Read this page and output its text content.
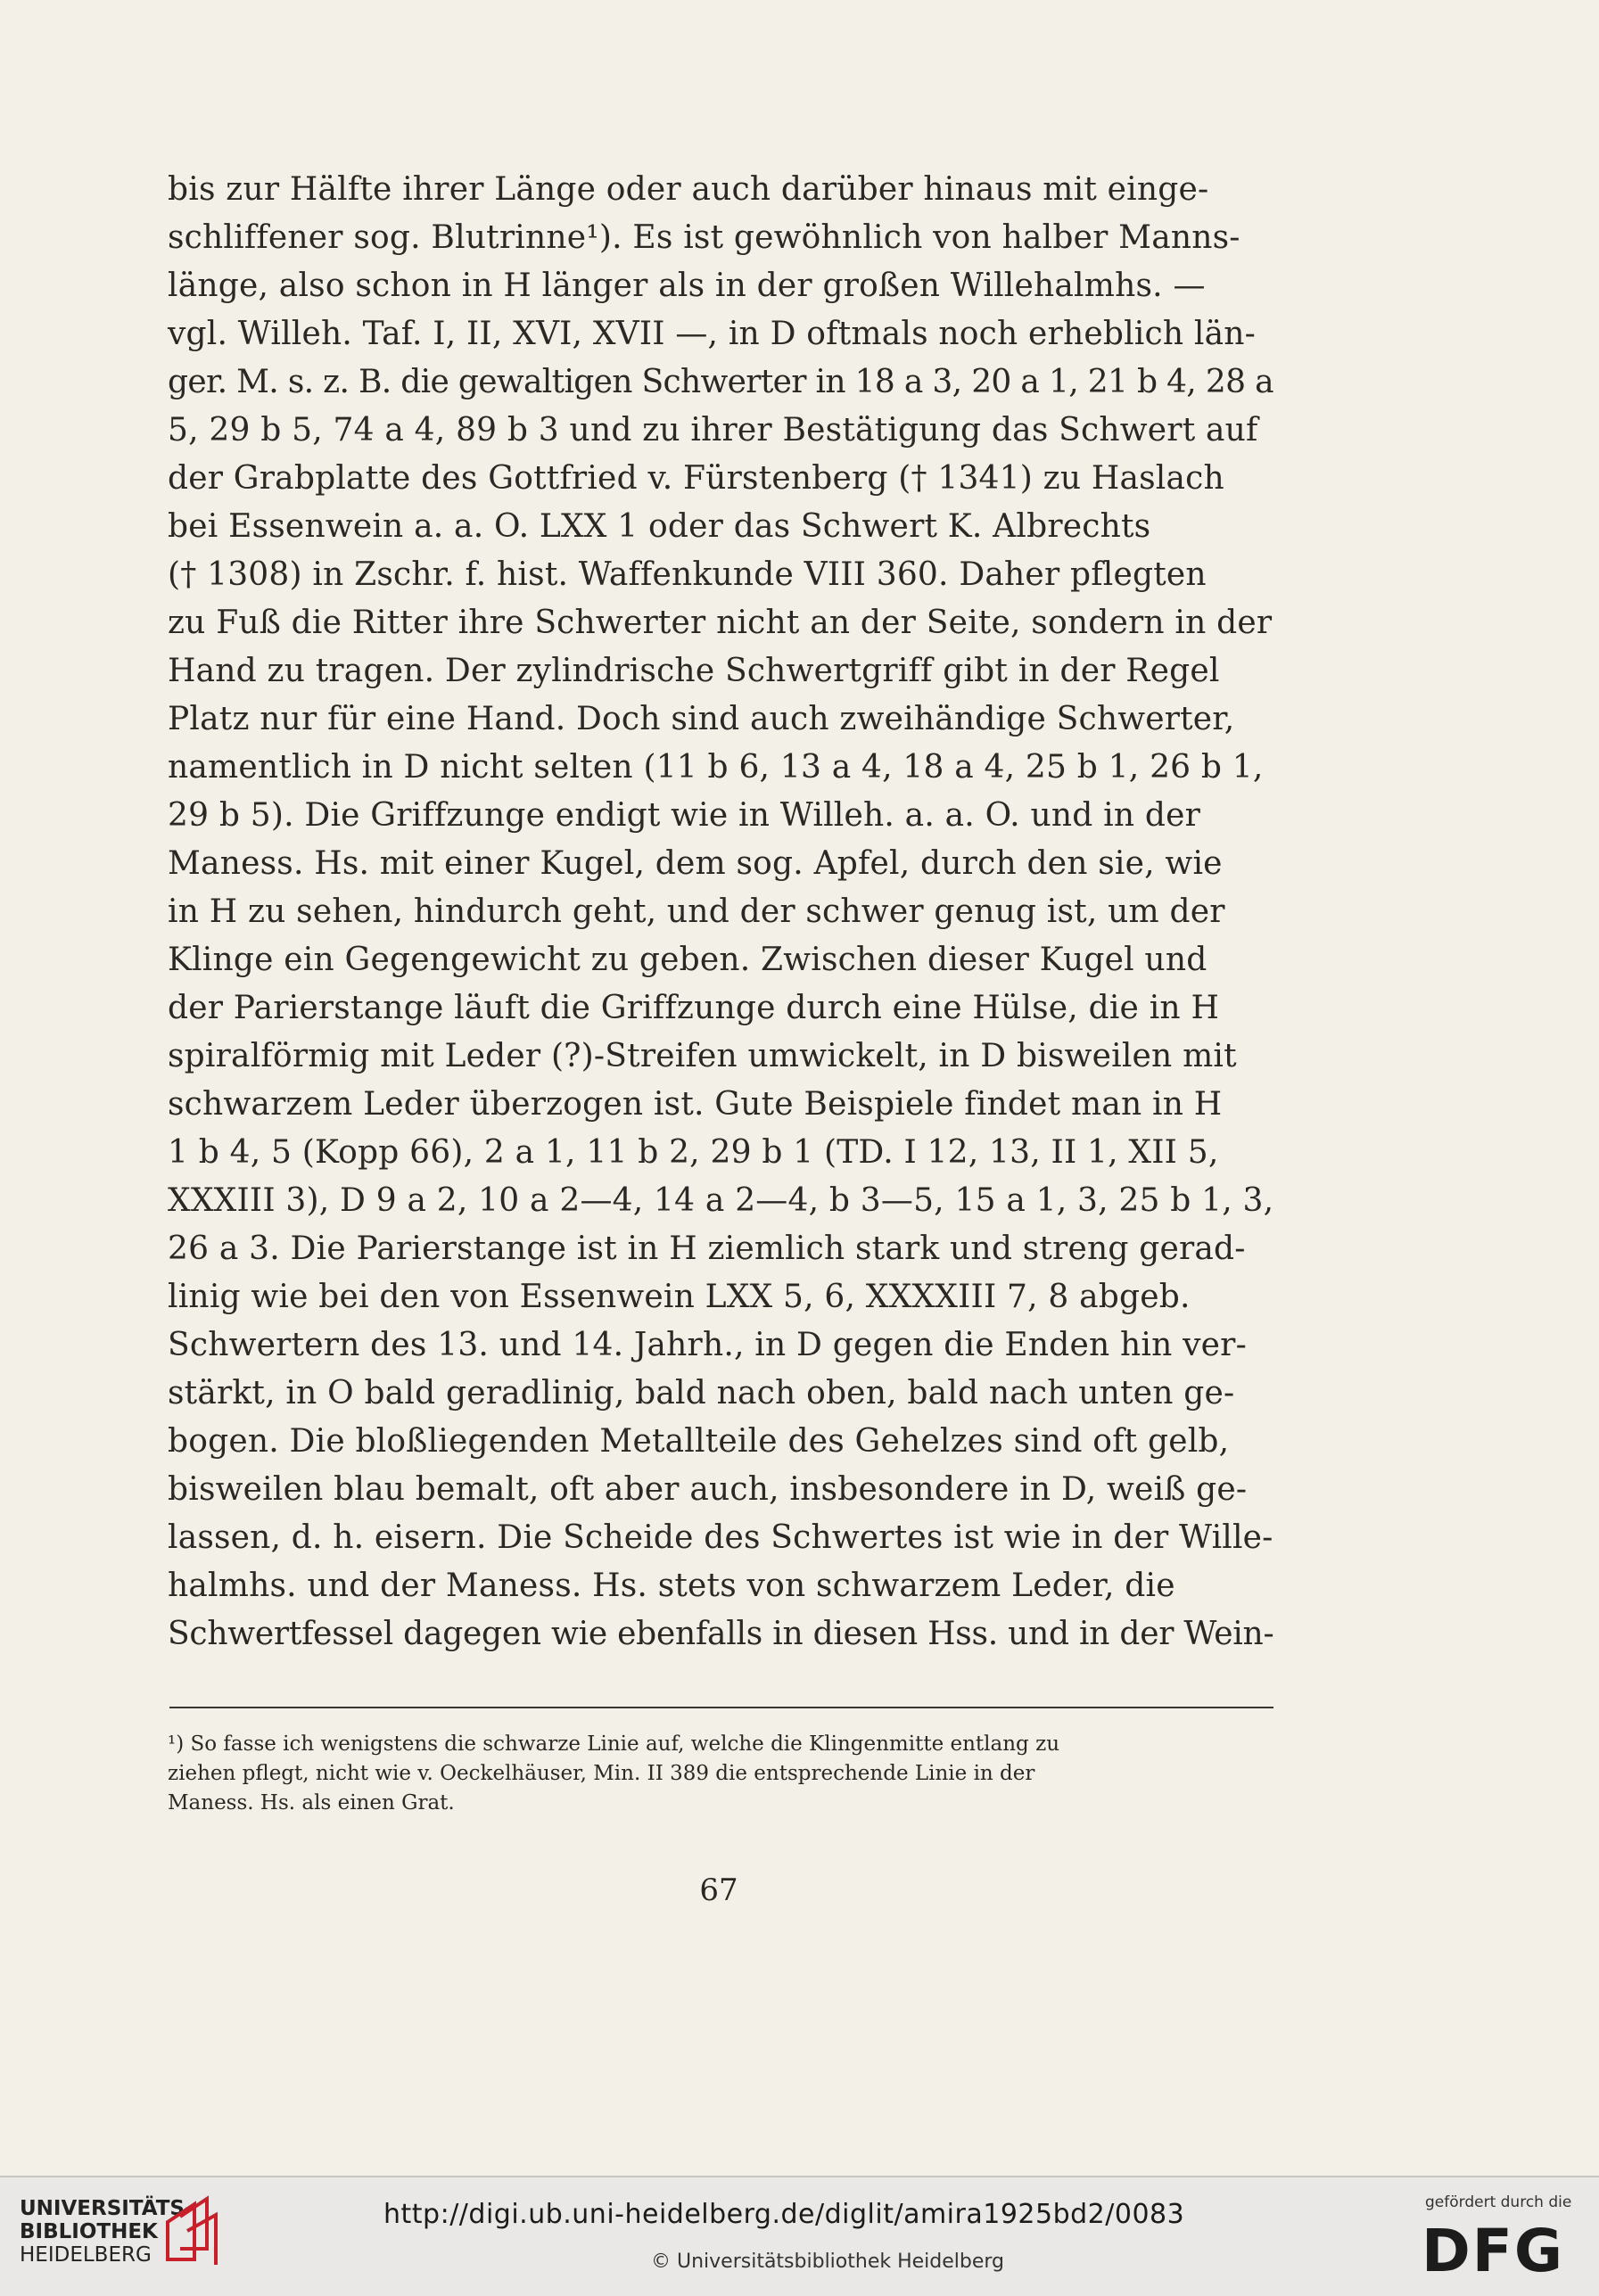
bis zur Hälfte ihrer Länge oder auch darüber hinaus mit einge-
schliffener sog. Blutrinne¹). Es ist gewöhnlich von halber Manns-
länge, also schon in H länger als in der großen Willehalmhs. —
vgl. Willeh. Taf. I, II, XVI, XVII —, in D oftmals noch erheblich län-
ger. M. s. z. B. die gewaltigen Schwerter in 18 a 3, 20 a 1, 21 b 4, 28 a
5, 29 b 5, 74 a 4, 89 b 3 und zu ihrer Bestätigung das Schwert auf
der Grabplatte des Gottfried v. Fürstenberg († 1341) zu Haslach
bei Essenwein a. a. O. LXX 1 oder das Schwert K. Albrechts
(† 1308) in Zschr. f. hist. Waffenkunde VIII 360. Daher pflegten
zu Fuß die Ritter ihre Schwerter nicht an der Seite, sondern in der
Hand zu tragen. Der zylindrische Schwertgriff gibt in der Regel
Platz nur für eine Hand. Doch sind auch zweihändige Schwerter,
namentlich in D nicht selten (11 b 6, 13 a 4, 18 a 4, 25 b 1, 26 b 1,
29 b 5). Die Griffzunge endigt wie in Willeh. a. a. O. und in der
Maness. Hs. mit einer Kugel, dem sog. Apfel, durch den sie, wie
in H zu sehen, hindurch geht, und der schwer genug ist, um der
Klinge ein Gegengewicht zu geben. Zwischen dieser Kugel und
der Parierstange läuft die Griffzunge durch eine Hülse, die in H
spiralförmig mit Leder (?)-Streifen umwickelt, in D bisweilen mit
schwarzem Leder überzogen ist. Gute Beispiele findet man in H
1 b 4, 5 (Kopp 66), 2 a 1, 11 b 2, 29 b 1 (TD. I 12, 13, II 1, XII 5,
XXXIII 3), D 9 a 2, 10 a 2—4, 14 a 2—4, b 3—5, 15 a 1, 3, 25 b 1, 3,
26 a 3. Die Parierstange ist in H ziemlich stark und streng gerad-
linig wie bei den von Essenwein LXX 5, 6, XXXXIII 7, 8 abgeb.
Schwertern des 13. und 14. Jahrh., in D gegen die Enden hin ver-
stärkt, in O bald geradlinig, bald nach oben, bald nach unten ge-
bogen. Die bloßliegenden Metallteile des Gehelzes sind oft gelb,
bisweilen blau bemalt, oft aber auch, insbesondere in D, weiß ge-
lassen, d. h. eisern. Die Scheide des Schwertes ist wie in der Wille-
halmhs. und der Maness. Hs. stets von schwarzem Leder, die
Schwertfessel dagegen wie ebenfalls in diesen Hss. und in der Wein-
¹) So fasse ich wenigstens die schwarze Linie auf, welche die Klingenmitte entlang zu
ziehen pflegt, nicht wie v. Oeckelhäuser, Min. II 389 die entsprechende Linie in der
Maness. Hs. als einen Grat.
67
UNIVERSITÄTS-
BIBLIOTHEK
HEIDELBERG
http://digi.ub.uni-heidelberg.de/diglit/amira1925bd2/0083
© Universitätsbibliothek Heidelberg
gefördert durch die
DFG
